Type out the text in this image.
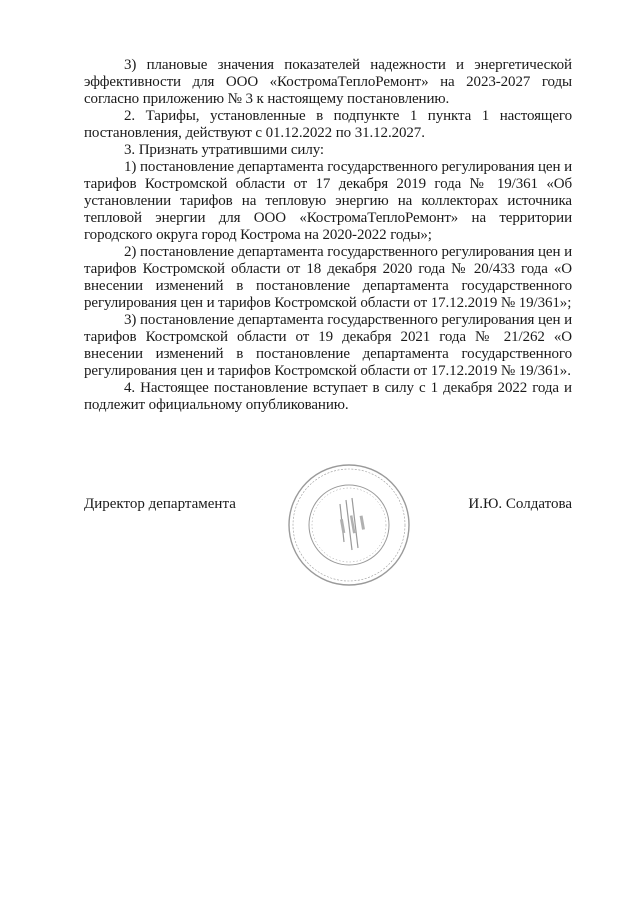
3) плановые значения показателей надежности и энергетической эффективности для ООО «КостромаТеплоРемонт» на 2023-2027 годы согласно приложению № 3 к настоящему постановлению.

2. Тарифы, установленные в подпункте 1 пункта 1 настоящего постановления, действуют с 01.12.2022 по 31.12.2027.

3. Признать утратившими силу:

1) постановление департамента государственного регулирования цен и тарифов Костромской области от 17 декабря 2019 года № 19/361 «Об установлении тарифов на тепловую энергию на коллекторах источника тепловой энергии для ООО «КостромаТеплоРемонт» на территории городского округа город Кострома на 2020-2022 годы»;

2) постановление департамента государственного регулирования цен и тарифов Костромской области от 18 декабря 2020 года № 20/433 года «О внесении изменений в постановление департамента государственного регулирования цен и тарифов Костромской области от 17.12.2019 № 19/361»;

3) постановление департамента государственного регулирования цен и тарифов Костромской области от 19 декабря 2021 года № 21/262 «О внесении изменений в постановление департамента государственного регулирования цен и тарифов Костромской области от 17.12.2019 № 19/361».

4. Настоящее постановление вступает в силу с 1 декабря 2022 года и подлежит официальному опубликованию.

Директор департамента	И.Ю. Солдатова
